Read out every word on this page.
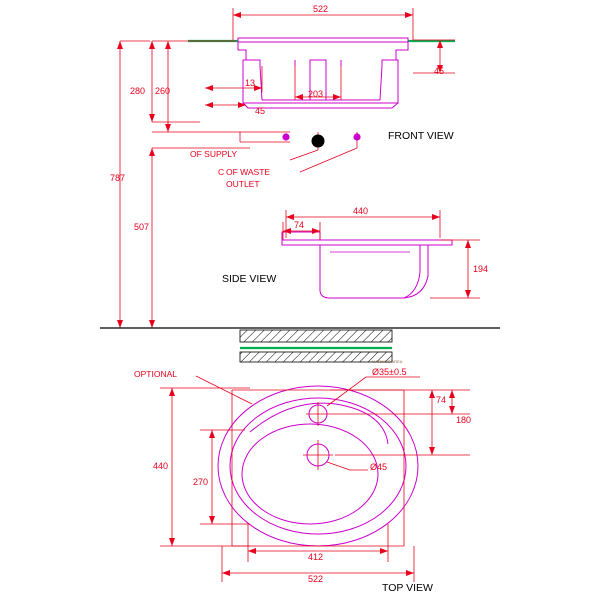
522
45
280 260
787
507
13
45
203
OF SUPPLY
C OF WASTE
OUTLET
FRONT VIEW
440
74
194
SIDE VIEW
OPTIONAL	Ø35±0.5
74
180
Ø45
440
270
412
522
TOP VIEW
MARKING AREA
